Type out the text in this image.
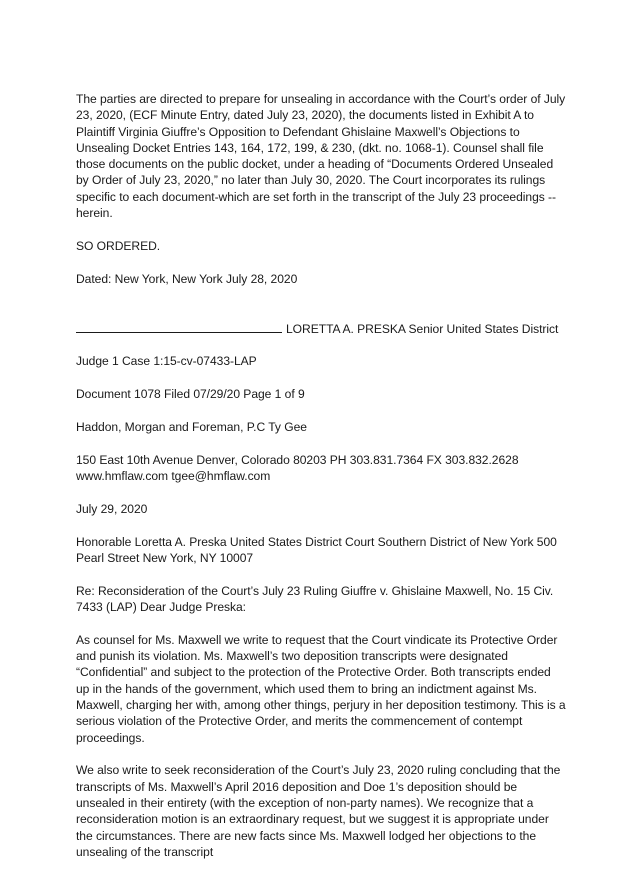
The parties are directed to prepare for unsealing in accordance with the Court’s order of July 23, 2020, (ECF Minute Entry, dated July 23, 2020), the documents listed in Exhibit A to Plaintiff Virginia Giuffre’s Opposition to Defendant Ghislaine Maxwell’s Objections to Unsealing Docket Entries 143, 164, 172, 199, & 230, (dkt. no. 1068-1). Counsel shall file those documents on the public docket, under a heading of “Documents Ordered Unsealed by Order of July 23, 2020,” no later than July 30, 2020. The Court incorporates its rulings specific to each document-which are set forth in the transcript of the July 23 proceedings --herein.

SO ORDERED.

Dated: New York, New York July 28, 2020

LORETTA A. PRESKA Senior United States District

Judge 1 Case 1:15-cv-07433-LAP

Document 1078 Filed 07/29/20 Page 1 of 9

Haddon, Morgan and Foreman, P.C Ty Gee

150 East 10th Avenue Denver, Colorado 80203 PH 303.831.7364 FX 303.832.2628 www.hmflaw.com tgee@hmflaw.com

July 29, 2020

Honorable Loretta A. Preska United States District Court Southern District of New York 500 Pearl Street New York, NY 10007

Re: Reconsideration of the Court’s July 23 Ruling Giuffre v. Ghislaine Maxwell, No. 15 Civ. 7433 (LAP) Dear Judge Preska:

As counsel for Ms. Maxwell we write to request that the Court vindicate its Protective Order and punish its violation. Ms. Maxwell’s two deposition transcripts were designated “Confidential” and subject to the protection of the Protective Order. Both transcripts ended up in the hands of the government, which used them to bring an indictment against Ms. Maxwell, charging her with, among other things, perjury in her deposition testimony. This is a serious violation of the Protective Order, and merits the commencement of contempt proceedings.

We also write to seek reconsideration of the Court’s July 23, 2020 ruling concluding that the transcripts of Ms. Maxwell’s April 2016 deposition and Doe 1’s deposition should be unsealed in their entirety (with the exception of non-party names). We recognize that a reconsideration motion is an extraordinary request, but we suggest it is appropriate under the circumstances. There are new facts since Ms. Maxwell lodged her objections to the unsealing of the transcript
